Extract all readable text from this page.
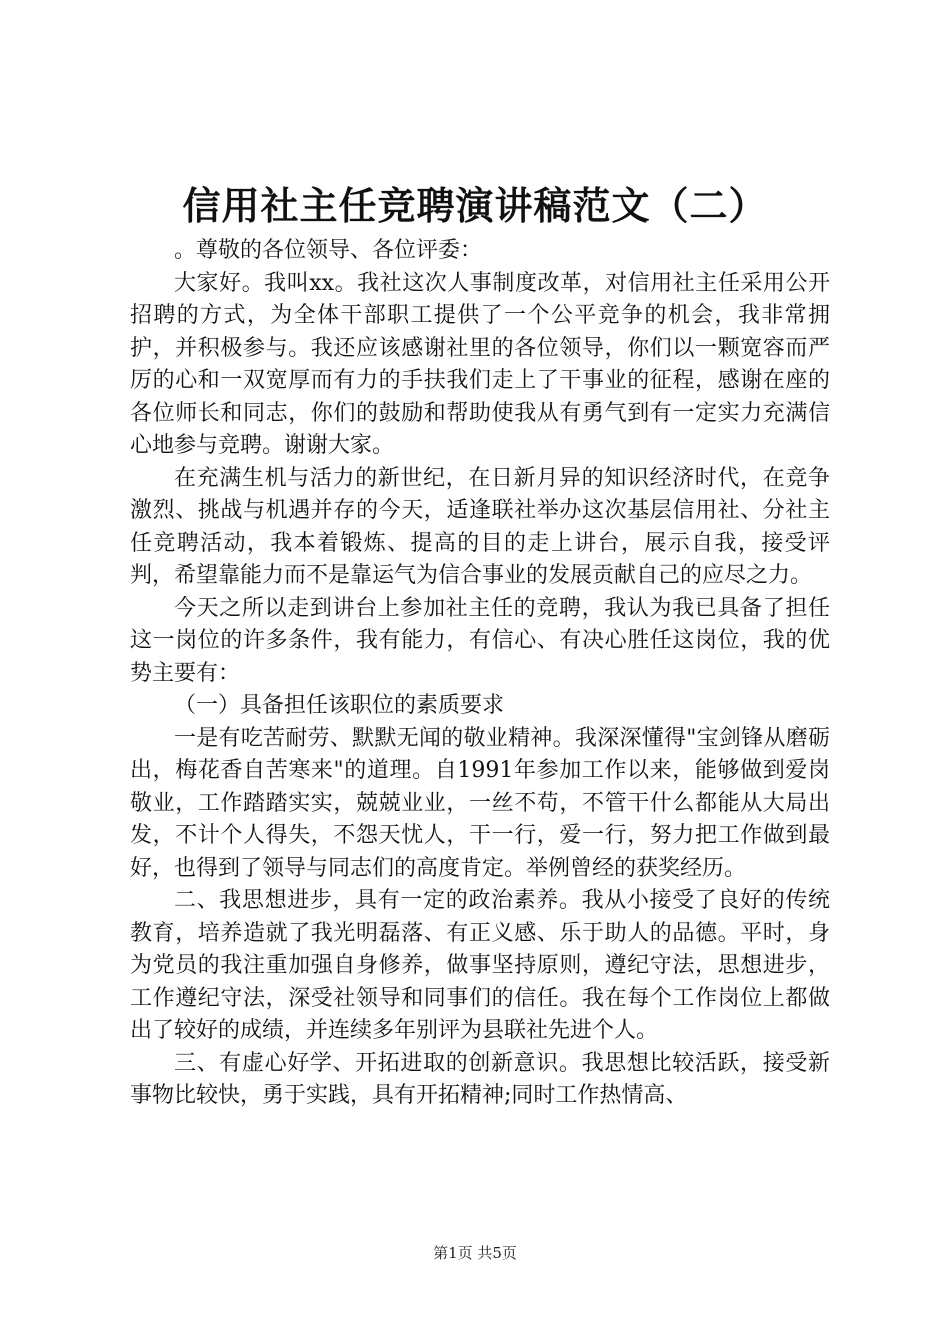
信用社主任竞聘演讲稿范文（二）

。尊敬的各位领导、各位评委：

大家好。我叫xx。我社这次人事制度改革，对信用社主任采用公开招聘的方式，为全体干部职工提供了一个公平竞争的机会，我非常拥护，并积极参与。我还应该感谢社里的各位领导，你们以一颗宽容而严厉的心和一双宽厚而有力的手扶我们走上了干事业的征程，感谢在座的各位师长和同志，你们的鼓励和帮助使我从有勇气到有一定实力充满信心地参与竞聘。谢谢大家。

在充满生机与活力的新世纪，在日新月异的知识经济时代，在竞争激烈、挑战与机遇并存的今天，适逢联社举办这次基层信用社、分社主任竞聘活动，我本着锻炼、提高的目的走上讲台，展示自我，接受评判，希望靠能力而不是靠运气为信合事业的发展贡献自己的应尽之力。

今天之所以走到讲台上参加社主任的竞聘，我认为我已具备了担任这一岗位的许多条件，我有能力，有信心、有决心胜任这岗位，我的优势主要有：

（一）具备担任该职位的素质要求

一是有吃苦耐劳、默默无闻的敬业精神。我深深懂得"宝剑锋从磨砺出，梅花香自苦寒来"的道理。自1991年参加工作以来，能够做到爱岗敬业，工作踏踏实实，兢兢业业，一丝不苟，不管干什么都能从大局出发，不计个人得失，不怨天忧人，干一行，爱一行，努力把工作做到最好，也得到了领导与同志们的高度肯定。举例曾经的获奖经历。

二、我思想进步，具有一定的政治素养。我从小接受了良好的传统教育，培养造就了我光明磊落、有正义感、乐于助人的品德。平时，身为党员的我注重加强自身修养，做事坚持原则，遵纪守法，思想进步，工作遵纪守法，深受社领导和同事们的信任。我在每个工作岗位上都做出了较好的成绩，并连续多年别评为县联社先进个人。

三、有虚心好学、开拓进取的创新意识。我思想比较活跃，接受新事物比较快，勇于实践，具有开拓精神;同时工作热情高、

第1页 共5页
